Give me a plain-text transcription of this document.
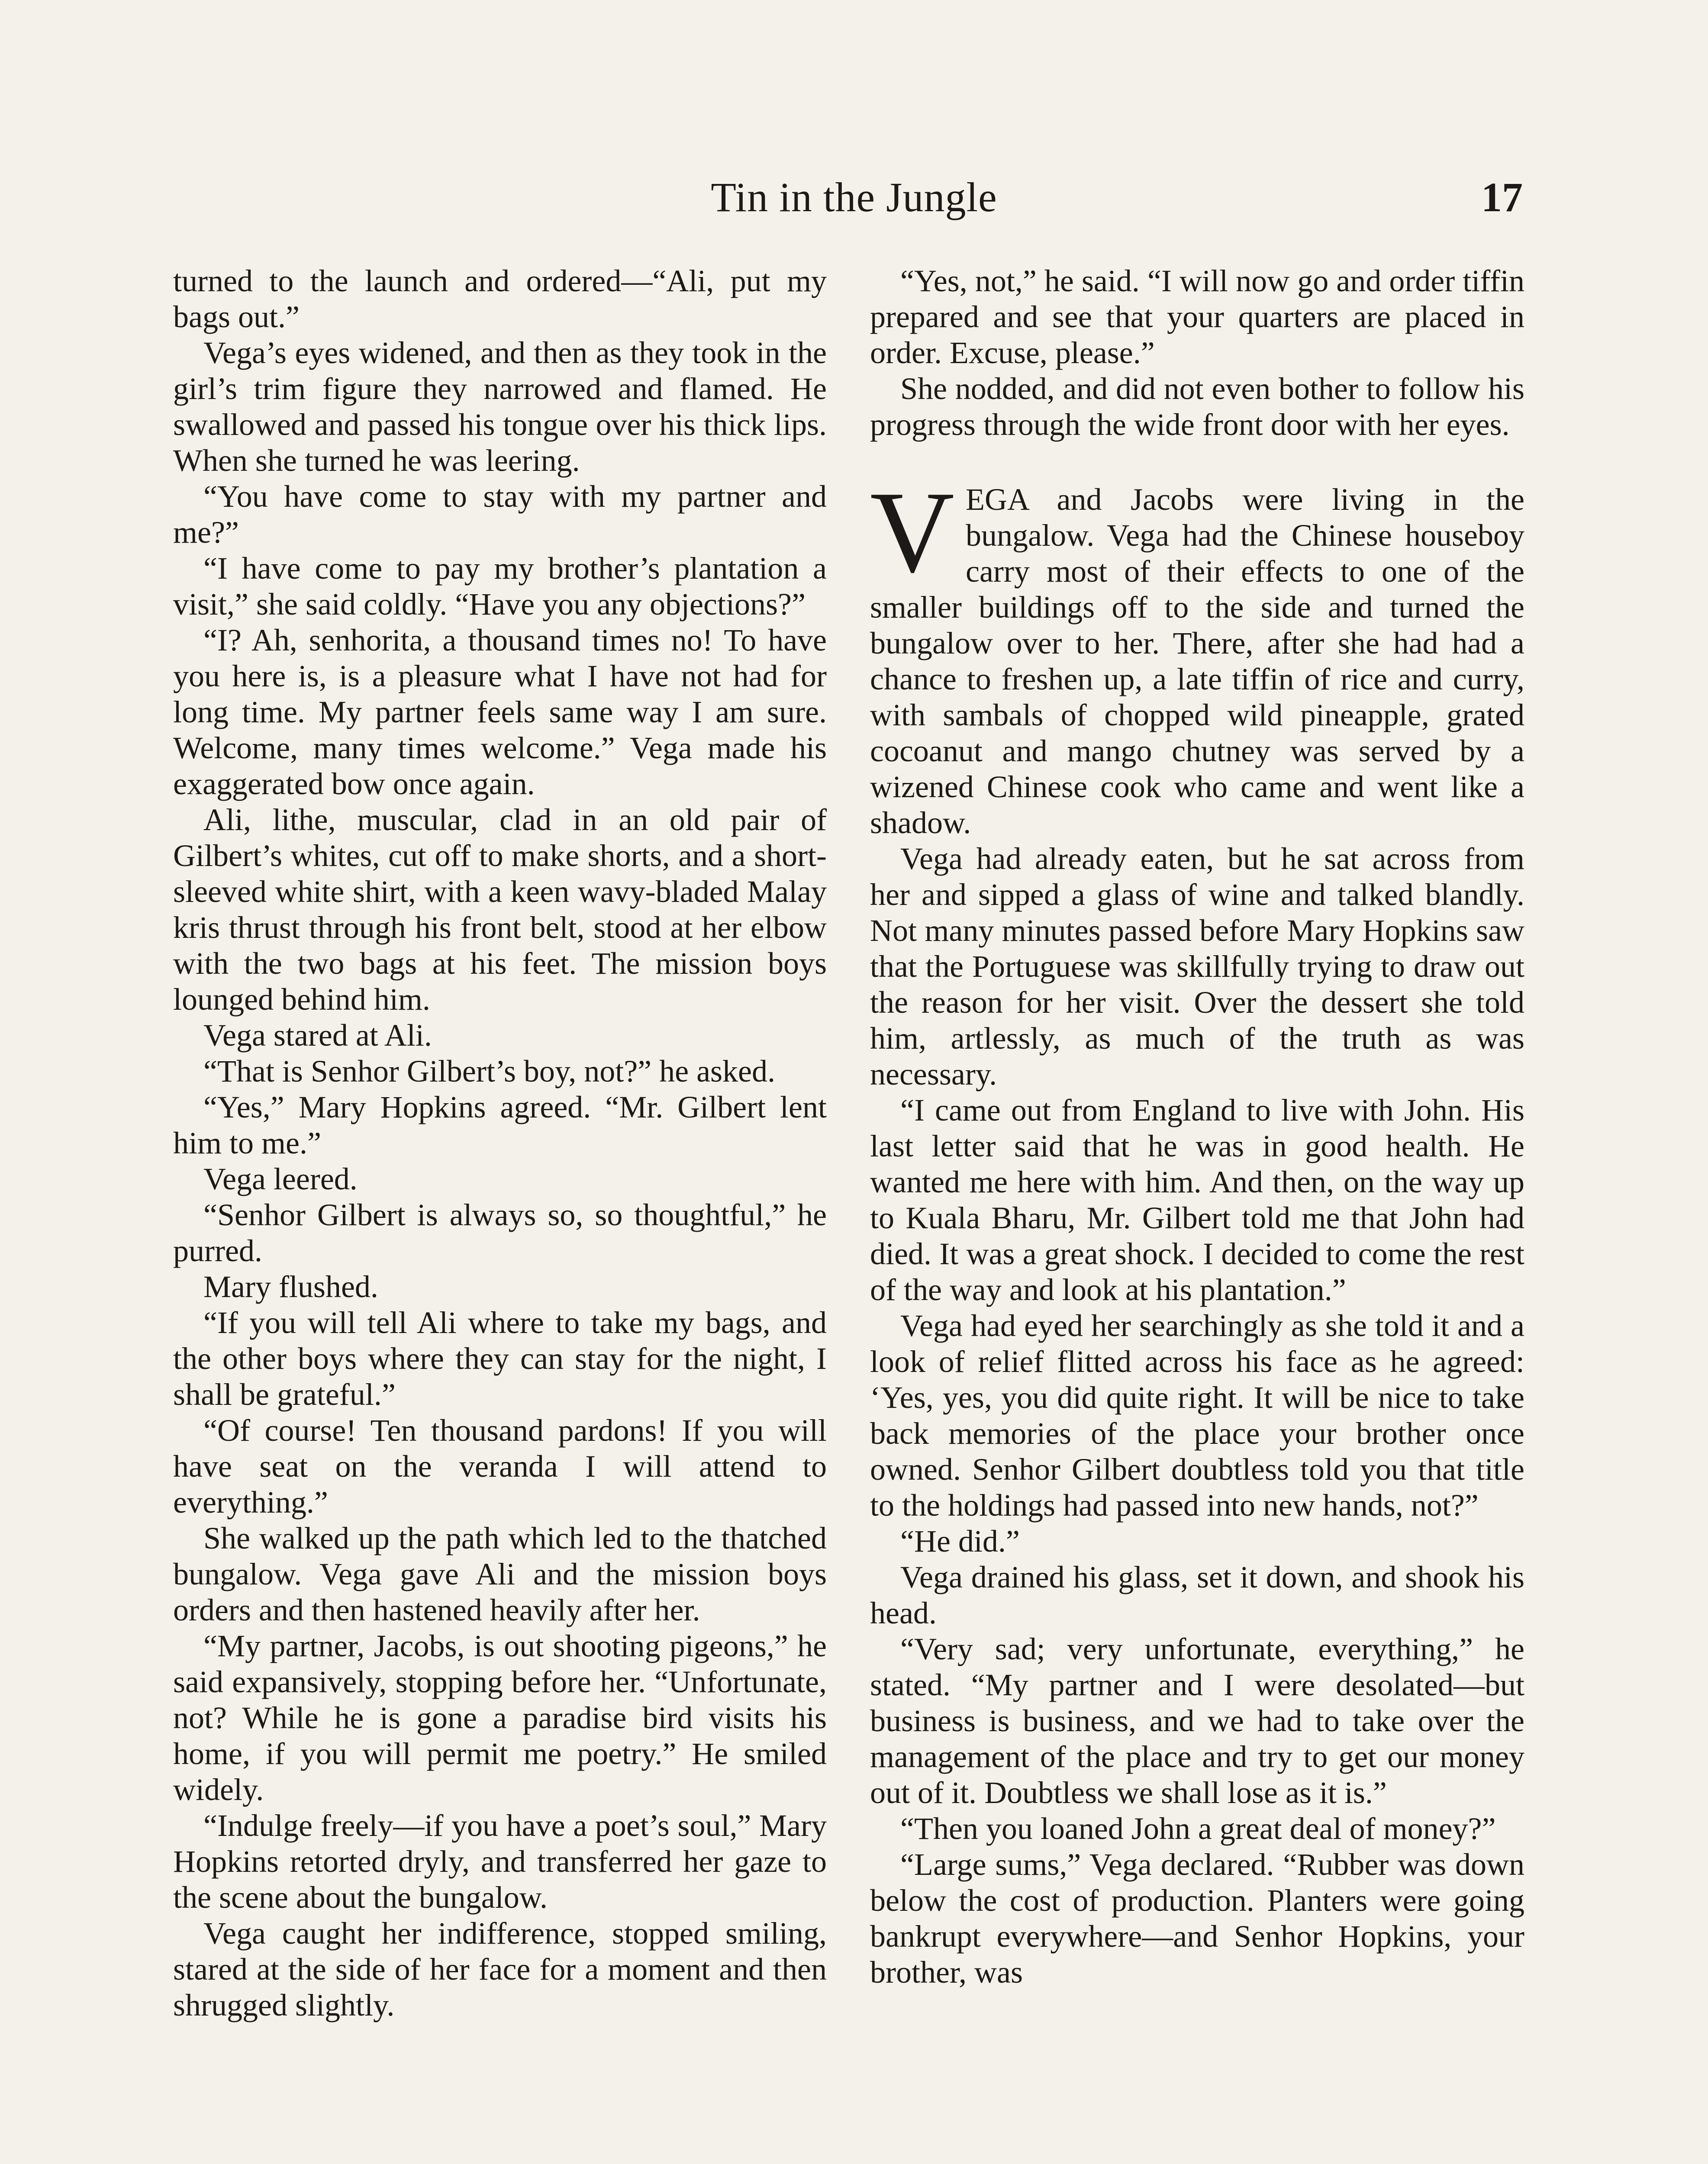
Tin in the Jungle	17

turned to the launch and ordered—“Ali, put my bags out.”

Vega’s eyes widened, and then as they took in the girl’s trim figure they narrowed and flamed. He swallowed and passed his tongue over his thick lips. When she turned he was leering.

“You have come to stay with my partner and me?”

“I have come to pay my brother’s plantation a visit,” she said coldly. “Have you any objections?”

“I? Ah, senhorita, a thousand times no! To have you here is, is a pleasure what I have not had for long time. My partner feels same way I am sure. Welcome, many times welcome.” Vega made his exaggerated bow once again.

Ali, lithe, muscular, clad in an old pair of Gilbert’s whites, cut off to make shorts, and a short-sleeved white shirt, with a keen wavy-bladed Malay kris thrust through his front belt, stood at her elbow with the two bags at his feet. The mission boys lounged behind him.

Vega stared at Ali.

“That is Senhor Gilbert’s boy, not?” he asked.

“Yes,” Mary Hopkins agreed. “Mr. Gilbert lent him to me.”

Vega leered.

“Senhor Gilbert is always so, so thoughtful,” he purred.

Mary flushed.

“If you will tell Ali where to take my bags, and the other boys where they can stay for the night, I shall be grateful.”

“Of course! Ten thousand pardons! If you will have seat on the veranda I will attend to everything.”

She walked up the path which led to the thatched bungalow. Vega gave Ali and the mission boys orders and then hastened heavily after her.

“My partner, Jacobs, is out shooting pigeons,” he said expansively, stopping before her. “Unfortunate, not? While he is gone a paradise bird visits his home, if you will permit me poetry.” He smiled widely.

“Indulge freely—if you have a poet’s soul,” Mary Hopkins retorted dryly, and transferred her gaze to the scene about the bungalow.

Vega caught her indifference, stopped smiling, stared at the side of her face for a moment and then shrugged slightly.

“Yes, not,” he said. “I will now go and order tiffin prepared and see that your quarters are placed in order. Excuse, please.”

She nodded, and did not even bother to follow his progress through the wide front door with her eyes.

VEGA and Jacobs were living in the bungalow. Vega had the Chinese houseboy carry most of their effects to one of the smaller buildings off to the side and turned the bungalow over to her. There, after she had had a chance to freshen up, a late tiffin of rice and curry, with sambals of chopped wild pineapple, grated cocoanut and mango chutney was served by a wizened Chinese cook who came and went like a shadow.

Vega had already eaten, but he sat across from her and sipped a glass of wine and talked blandly. Not many minutes passed before Mary Hopkins saw that the Portuguese was skillfully trying to draw out the reason for her visit. Over the dessert she told him, artlessly, as much of the truth as was necessary.

“I came out from England to live with John. His last letter said that he was in good health. He wanted me here with him. And then, on the way up to Kuala Bharu, Mr. Gilbert told me that John had died. It was a great shock. I decided to come the rest of the way and look at his plantation.”

Vega had eyed her searchingly as she told it and a look of relief flitted across his face as he agreed: ‘Yes, yes, you did quite right. It will be nice to take back memories of the place your brother once owned. Senhor Gilbert doubtless told you that title to the holdings had passed into new hands, not?”

“He did.”

Vega drained his glass, set it down, and shook his head.

“Very sad; very unfortunate, everything,” he stated. “My partner and I were desolated—but business is business, and we had to take over the management of the place and try to get our money out of it. Doubtless we shall lose as it is.”

“Then you loaned John a great deal of money?”

“Large sums,” Vega declared. “Rubber was down below the cost of production. Planters were going bankrupt everywhere—and Senhor Hopkins, your brother, was
